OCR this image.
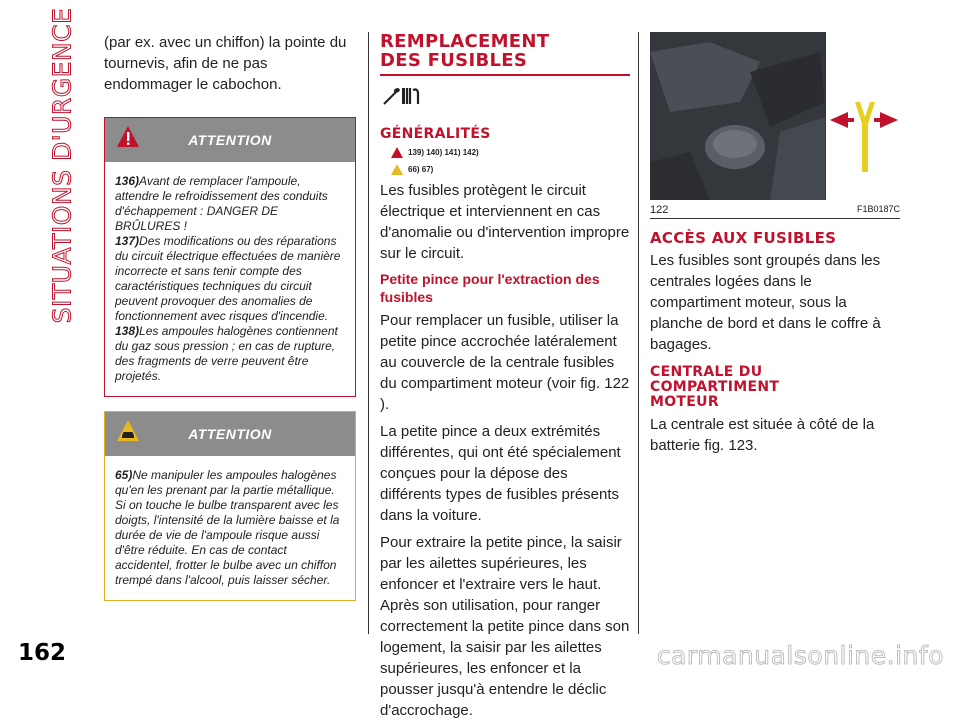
SITUATIONS D'URGENCE
162

(par ex. avec un chiffon) la pointe du tournevis, afin de ne pas endommager le cabochon.

ATTENTION
136)Avant de remplacer l'ampoule, attendre le refroidissement des conduits d'échappement : DANGER DE BRÛLURES !
137)Des modifications ou des réparations du circuit électrique effectuées de manière incorrecte et sans tenir compte des caractéristiques techniques du circuit peuvent provoquer des anomalies de fonctionnement avec risques d'incendie.
138)Les ampoules halogènes contiennent du gaz sous pression ; en cas de rupture, des fragments de verre peuvent être projetés.
ATTENTION
65)Ne manipuler les ampoules halogènes qu'en les prenant par la partie métallique. Si on touche le bulbe transparent avec les doigts, l'intensité de la lumière baisse et la durée de vie de l'ampoule risque aussi d'être réduite. En cas de contact accidentel, frotter le bulbe avec un chiffon trempé dans l'alcool, puis laisser sécher.
REMPLACEMENT
DES FUSIBLES
GÉNÉRALITÉS
139) 140) 141) 142)
66) 67)

Les fusibles protègent le circuit électrique et interviennent en cas d'anomalie ou d'intervention impropre sur le circuit.

Petite pince pour l'extraction des fusibles

Pour remplacer un fusible, utiliser la petite pince accrochée latéralement au couvercle de la centrale fusibles du compartiment moteur (voir fig. 122 ).

La petite pince a deux extrémités différentes, qui ont été spécialement conçues pour la dépose des différents types de fusibles présents dans la voiture.

Pour extraire la petite pince, la saisir par les ailettes supérieures, les enfoncer et l'extraire vers le haut. Après son utilisation, pour ranger correctement la petite pince dans son logement, la saisir par les ailettes supérieures, les enfoncer et la pousser jusqu'à entendre le déclic d'accrochage.

122	F1B0187C
ACCÈS AUX FUSIBLES

Les fusibles sont groupés dans les centrales logées dans le compartiment moteur, sous la planche de bord et dans le coffre à bagages.

CENTRALE DU
COMPARTIMENT
MOTEUR

La centrale est située à côté de la batterie fig. 123.

carmanualsonline.info
